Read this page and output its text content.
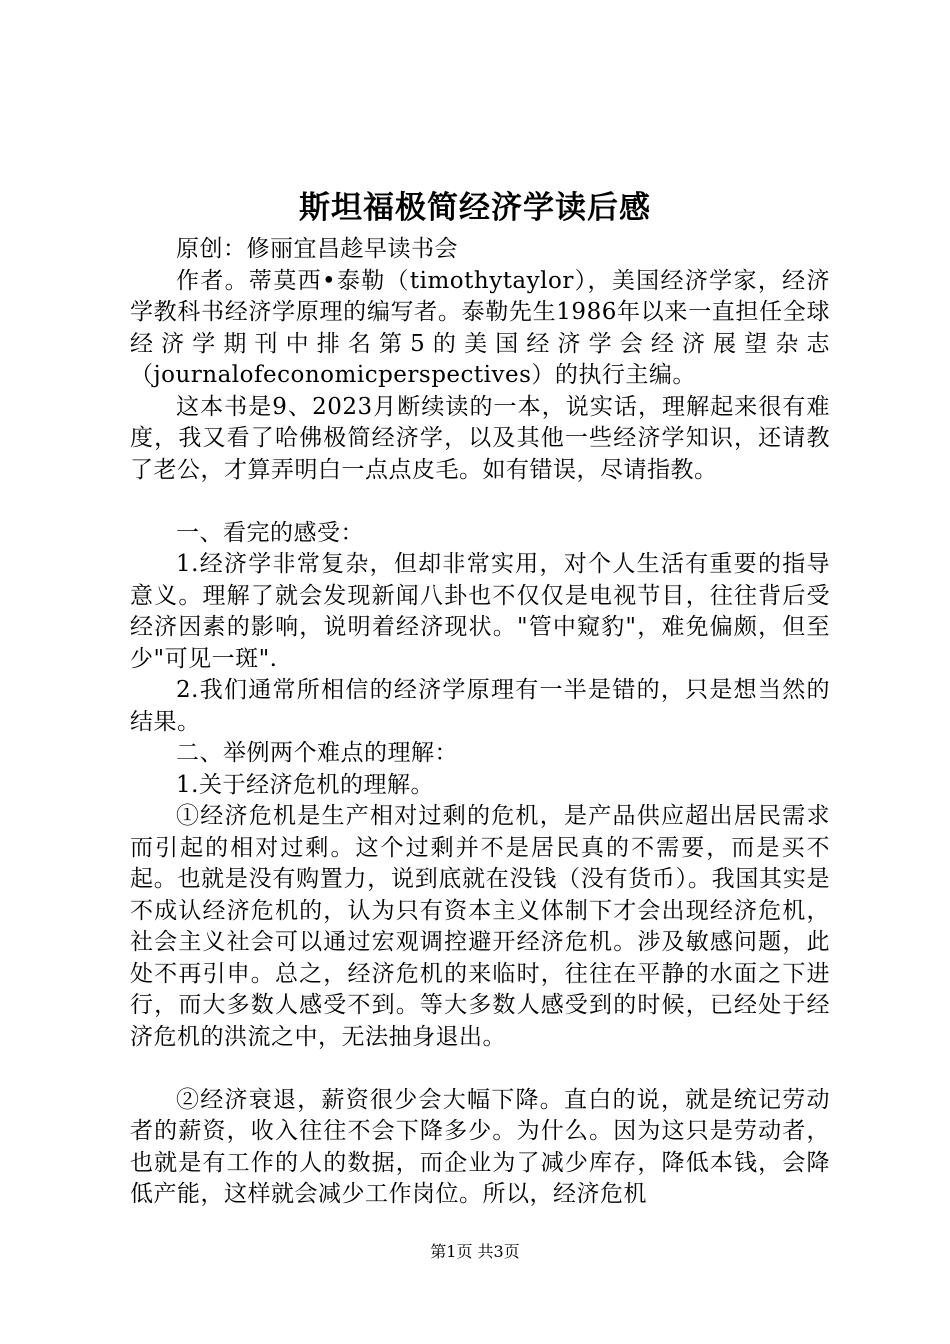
斯坦福极简经济学读后感

原创：修丽宜昌趁早读书会

作者。蒂莫西•泰勒（timothytaylor），美国经济学家，经济学教科书经济学原理的编写者。泰勒先生1986年以来一直担任全球经济学期刊中排名第5的美国经济学会经济展望杂志（journalofeconomicperspectives）的执行主编。

这本书是9、2023月断续读的一本，说实话，理解起来很有难度，我又看了哈佛极简经济学，以及其他一些经济学知识，还请教了老公，才算弄明白一点点皮毛。如有错误，尽请指教。

一、看完的感受：

1.经济学非常复杂，但却非常实用，对个人生活有重要的指导意义。理解了就会发现新闻八卦也不仅仅是电视节目，往往背后受经济因素的影响，说明着经济现状。"管中窥豹"，难免偏颇，但至少"可见一斑".

2.我们通常所相信的经济学原理有一半是错的，只是想当然的结果。

二、举例两个难点的理解：

1.关于经济危机的理解。

①经济危机是生产相对过剩的危机，是产品供应超出居民需求而引起的相对过剩。这个过剩并不是居民真的不需要，而是买不起。也就是没有购置力，说到底就在没钱（没有货币）。我国其实是不成认经济危机的，认为只有资本主义体制下才会出现经济危机，社会主义社会可以通过宏观调控避开经济危机。涉及敏感问题，此处不再引申。总之，经济危机的来临时，往往在平静的水面之下进行，而大多数人感受不到。等大多数人感受到的时候，已经处于经济危机的洪流之中，无法抽身退出。

②经济衰退，薪资很少会大幅下降。直白的说，就是统记劳动者的薪资，收入往往不会下降多少。为什么。因为这只是劳动者，也就是有工作的人的数据，而企业为了减少库存，降低本钱，会降低产能，这样就会减少工作岗位。所以，经济危机

第1页 共3页
